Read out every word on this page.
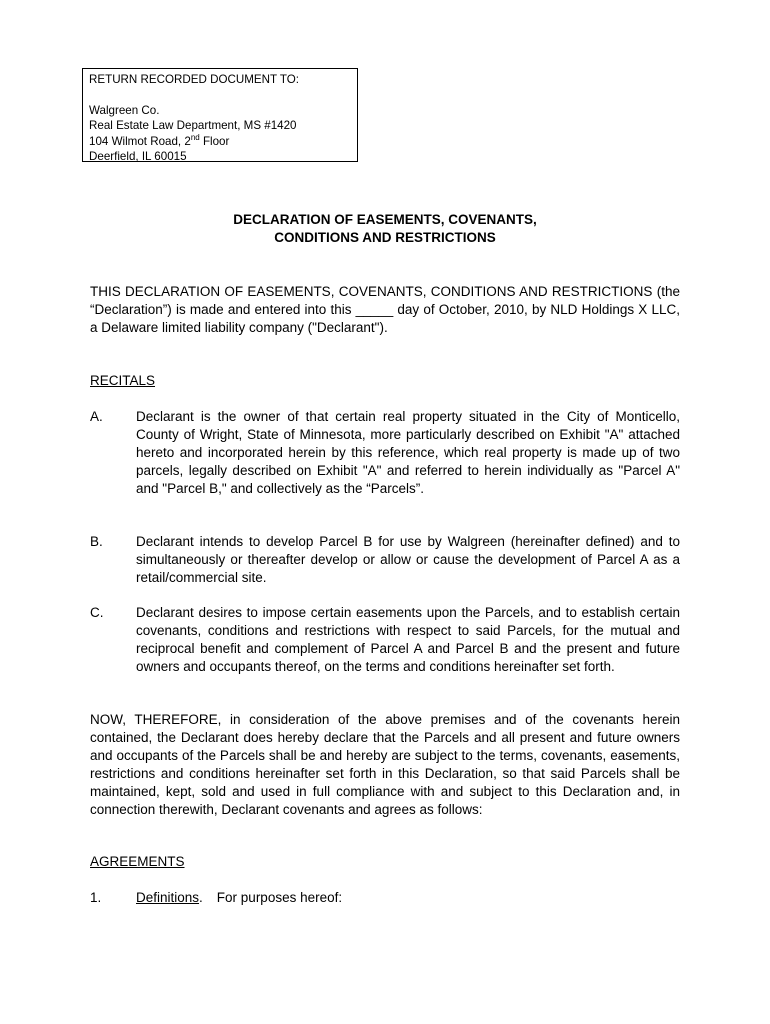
RETURN RECORDED DOCUMENT TO:
Walgreen Co.
Real Estate Law Department, MS #1420
104 Wilmot Road, 2nd Floor
Deerfield, IL 60015
DECLARATION OF EASEMENTS, COVENANTS,
CONDITIONS AND RESTRICTIONS
THIS DECLARATION OF EASEMENTS, COVENANTS, CONDITIONS AND RESTRICTIONS (the “Declaration”) is made and entered into this _____ day of October, 2010, by NLD Holdings X LLC, a Delaware limited liability company ("Declarant").
RECITALS
A. Declarant is the owner of that certain real property situated in the City of Monticello, County of Wright, State of Minnesota, more particularly described on Exhibit "A" attached hereto and incorporated herein by this reference, which real property is made up of two parcels, legally described on Exhibit "A" and referred to herein individually as "Parcel A" and "Parcel B," and collectively as the “Parcels”.
B. Declarant intends to develop Parcel B for use by Walgreen (hereinafter defined) and to simultaneously or thereafter develop or allow or cause the development of Parcel A as a retail/commercial site.
C. Declarant desires to impose certain easements upon the Parcels, and to establish certain covenants, conditions and restrictions with respect to said Parcels, for the mutual and reciprocal benefit and complement of Parcel A and Parcel B and the present and future owners and occupants thereof, on the terms and conditions hereinafter set forth.
NOW, THEREFORE, in consideration of the above premises and of the covenants herein contained, the Declarant does hereby declare that the Parcels and all present and future owners and occupants of the Parcels shall be and hereby are subject to the terms, covenants, easements, restrictions and conditions hereinafter set forth in this Declaration, so that said Parcels shall be maintained, kept, sold and used in full compliance with and subject to this Declaration and, in connection therewith, Declarant covenants and agrees as follows:
AGREEMENTS
1.	Definitions. For purposes hereof:
